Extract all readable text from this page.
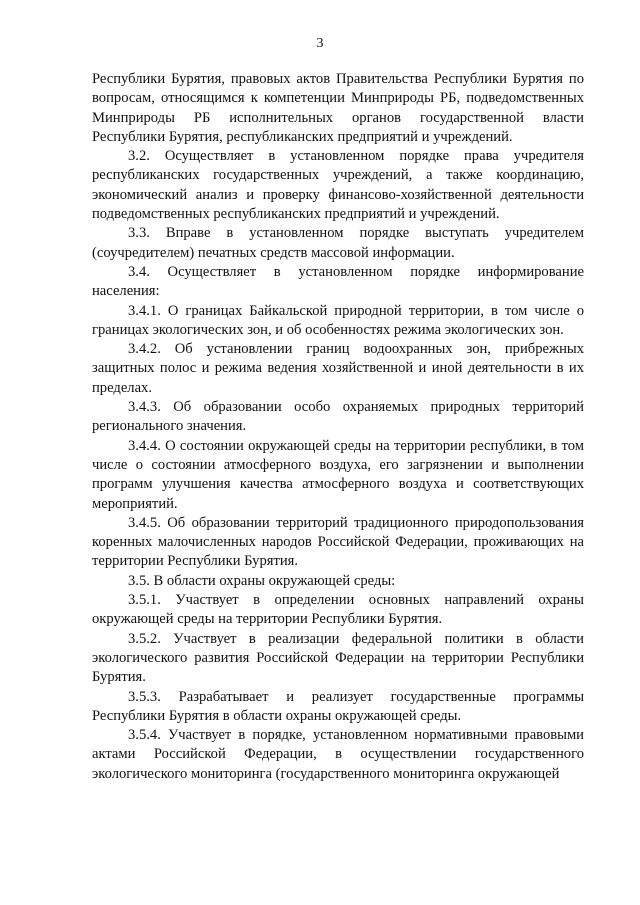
3

Республики Бурятия, правовых актов Правительства Республики Бурятия по вопросам, относящимся к компетенции Минприроды РБ, подведомственных Минприроды РБ исполнительных органов государственной власти Республики Бурятия, республиканских предприятий и учреждений.

3.2. Осуществляет в установленном порядке права учредителя республиканских государственных учреждений, а также координацию, экономический анализ и проверку финансово-хозяйственной деятельности подведомственных республиканских предприятий и учреждений.

3.3. Вправе в установленном порядке выступать учредителем (соучредителем) печатных средств массовой информации.

3.4. Осуществляет в установленном порядке информирование населения:

3.4.1. О границах Байкальской природной территории, в том числе о границах экологических зон, и об особенностях режима экологических зон.

3.4.2. Об установлении границ водоохранных зон, прибрежных защитных полос и режима ведения хозяйственной и иной деятельности в их пределах.

3.4.3. Об образовании особо охраняемых природных территорий регионального значения.

3.4.4. О состоянии окружающей среды на территории республики, в том числе о состоянии атмосферного воздуха, его загрязнении и выполнении программ улучшения качества атмосферного воздуха и соответствующих мероприятий.

3.4.5. Об образовании территорий традиционного природопользования коренных малочисленных народов Российской Федерации, проживающих на территории Республики Бурятия.

3.5. В области охраны окружающей среды:

3.5.1. Участвует в определении основных направлений охраны окружающей среды на территории Республики Бурятия.

3.5.2. Участвует в реализации федеральной политики в области экологического развития Российской Федерации на территории Республики Бурятия.

3.5.3. Разрабатывает и реализует государственные программы Республики Бурятия в области охраны окружающей среды.

3.5.4. Участвует в порядке, установленном нормативными правовыми актами Российской Федерации, в осуществлении государственного экологического мониторинга (государственного мониторинга окружающей
